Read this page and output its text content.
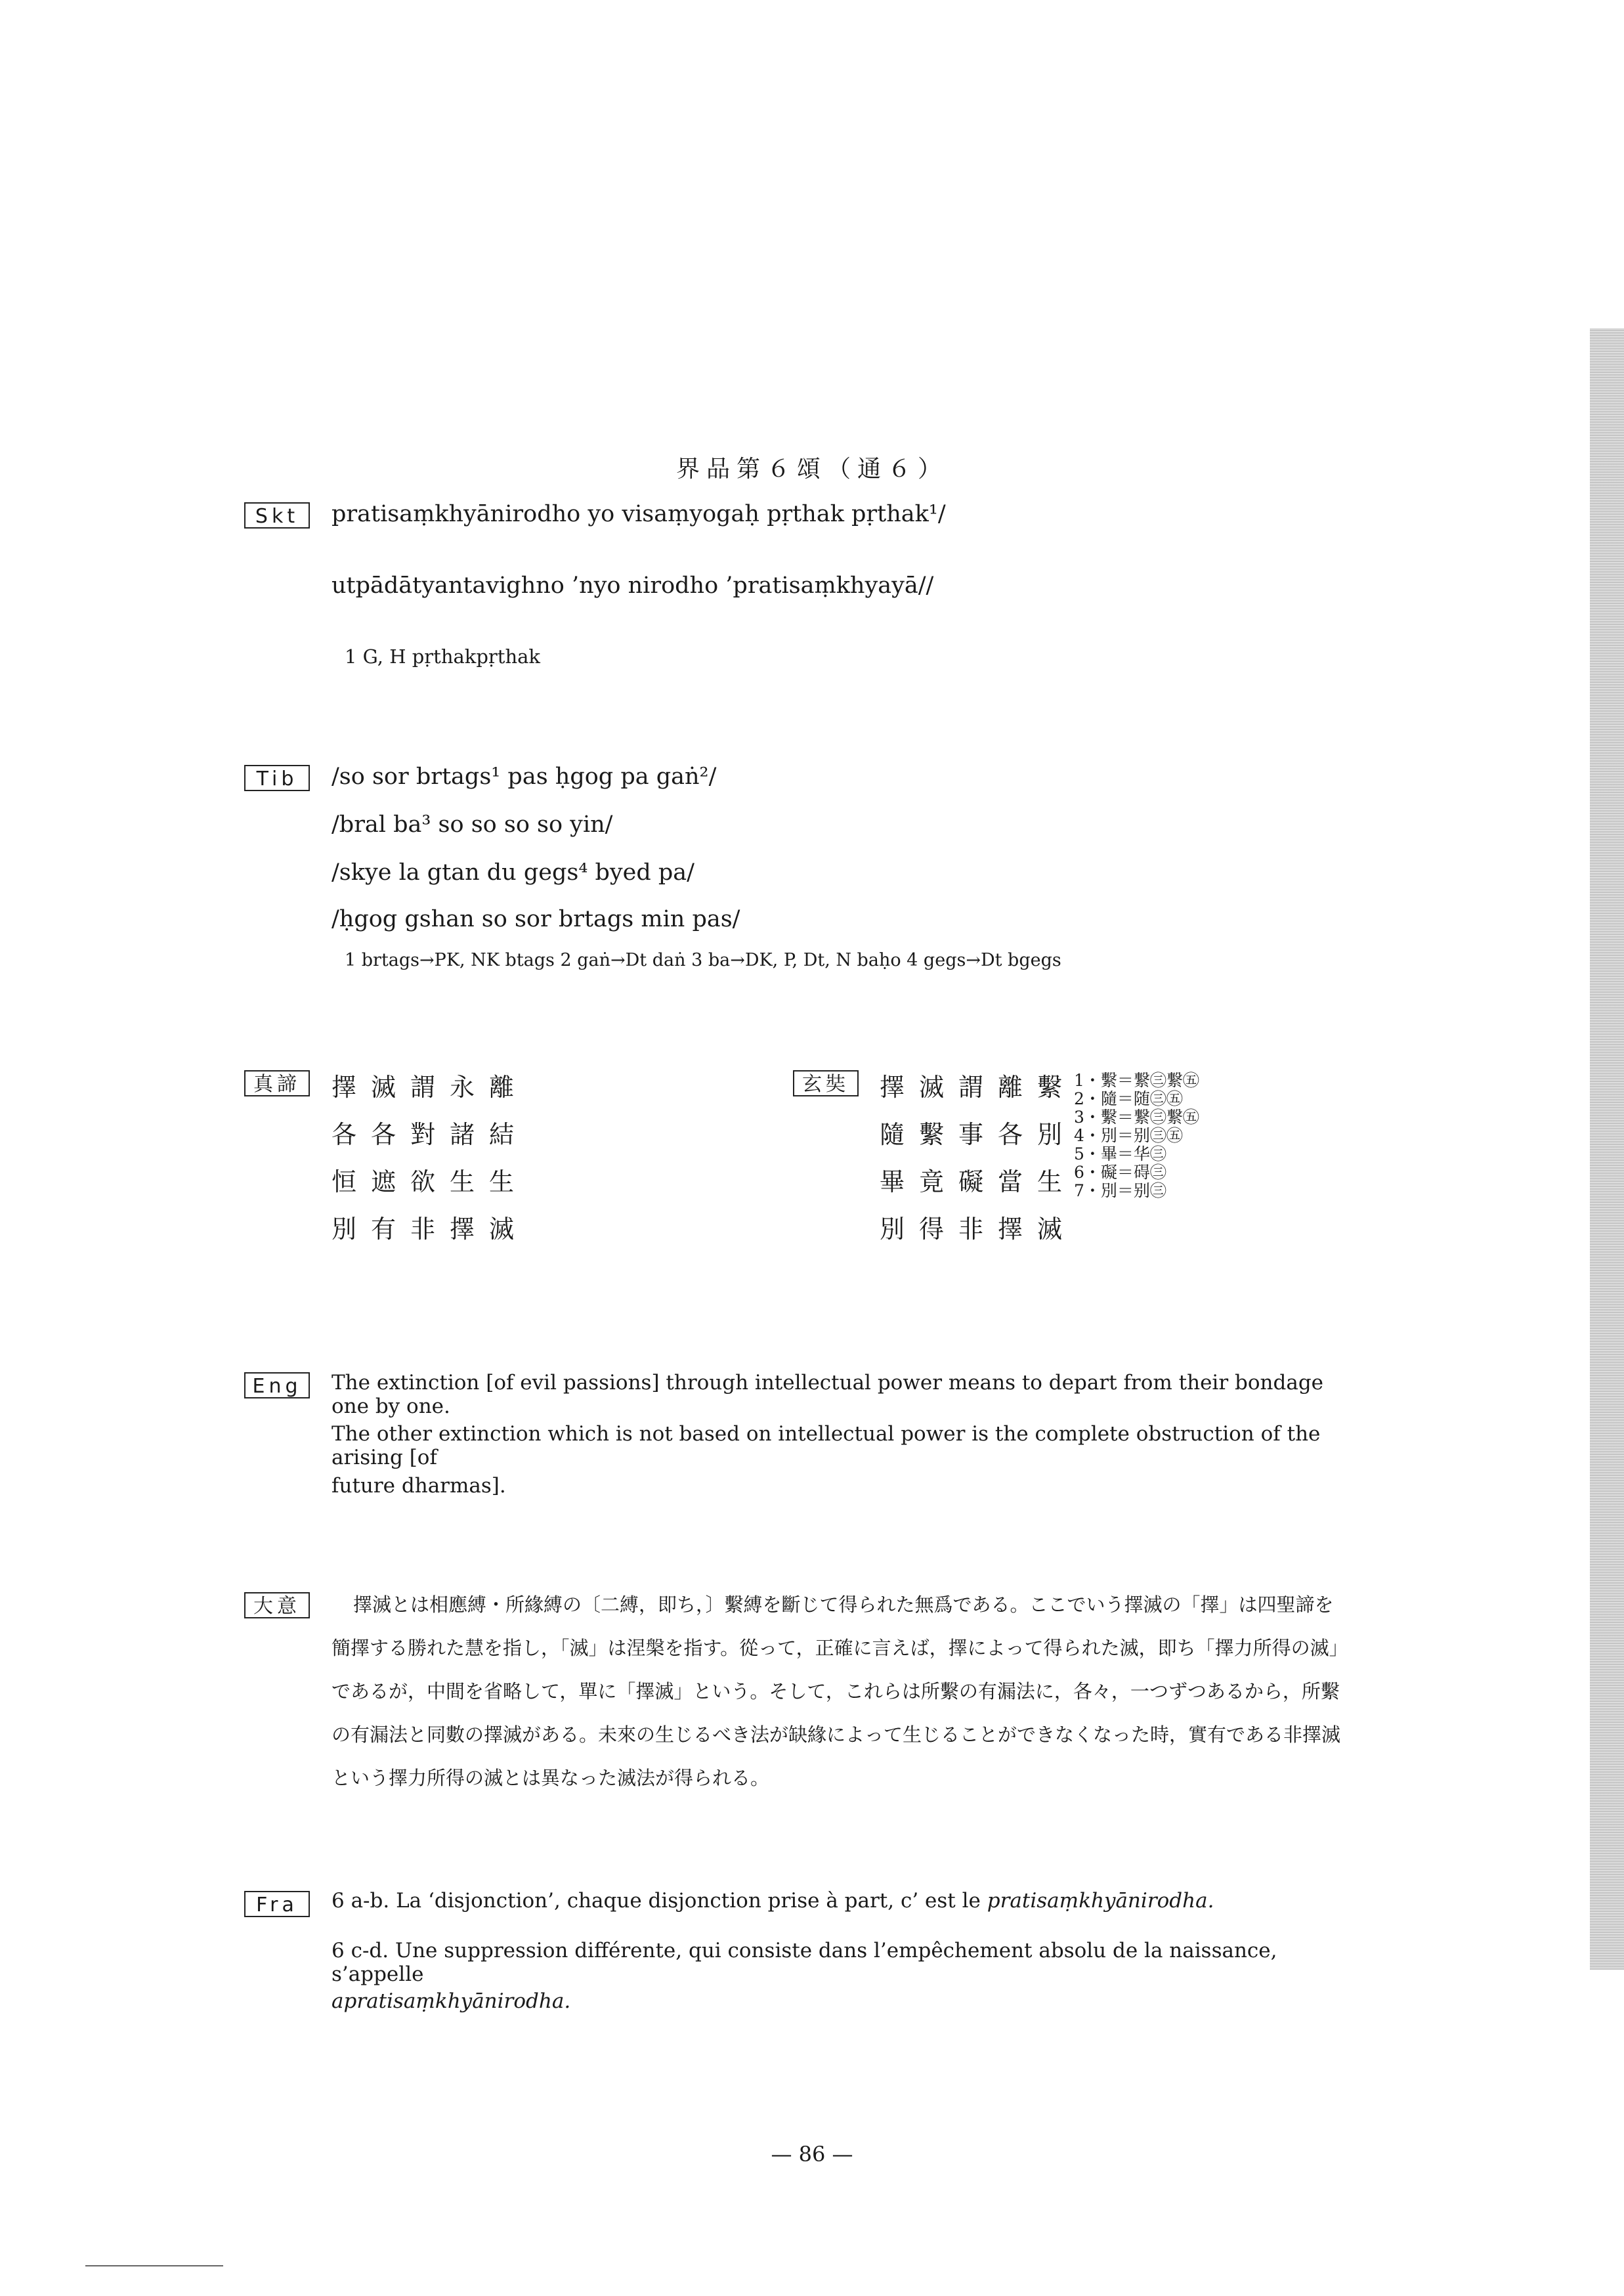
界品第６頌（通６）
Skt	pratisaṃkhyānirodho yo visaṃyogaḥ pṛthak pṛthak¹/
utpādātyantavighno ’nyo nirodho ’pratisaṃkhyayā//
1 G, H pṛthakpṛthak
Tib	/so sor brtags¹ pas ḥgog pa gaṅ²/
/bral ba³ so so so so yin/
/skye la gtan du gegs⁴ byed pa/
/ḥgog gshan so sor brtags min pas/
1 brtags→PK, NK btags 2 gaṅ→Dt daṅ 3 ba→DK, P, Dt, N baḥo 4 gegs→Dt bgegs
真諦	擇滅謂永離
各各對諸結
恒遮欲生生
別有非擇滅
玄奘	擇滅謂離繫
隨繫事各別
畢竟礙當生
別得非擇滅
1・繫＝繋㊂繋㊄
2・隨＝随㊂㊄
3・繫＝繋㊂繋㊄
4・別＝别㊂㊄
5・畢＝华㊂
6・礙＝碍㊂
7・別＝别㊂
Eng	The extinction [of evil passions] through intellectual power means to depart from their bondage one by one.
The other extinction which is not based on intellectual power is the complete obstruction of the arising [of
future dharmas].
大意	擇滅とは相應縛・所緣縛の〔二縛，即ち，〕繫縛を斷じて得られた無爲である。ここでいう擇滅の「擇」は四聖諦を
簡擇する勝れた慧を指し，「滅」は涅槃を指す。從って，正確に言えば，擇によって得られた滅，即ち「擇力所得の滅」
であるが，中間を省略して，單に「擇滅」という。そして，これらは所繫の有漏法に，各々，一つずつあるから，所繫
の有漏法と同數の擇滅がある。未來の生じるべき法が缺緣によって生じることができなくなった時，實有である非擇滅
という擇力所得の滅とは異なった滅法が得られる。
Fra	6 a-b. La ‘disjonction’, chaque disjonction prise à part, c’ est le pratisaṃkhyānirodha.
6 c-d. Une suppression différente, qui consiste dans l’empêchement absolu de la naissance, s’appelle
apratisaṃkhyānirodha.
— 86 —
